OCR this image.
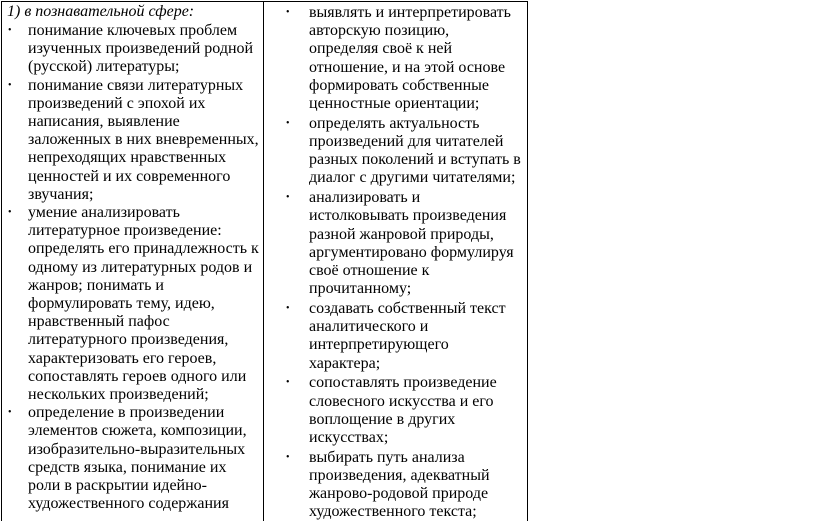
1) в познавательной сфере:
• понимание ключевых проблем
изученных произведений родной
(русской) литературы;
• понимание связи литературных
произведений с эпохой их
написания, выявление
заложенных в них вневременных,
непреходящих нравственных
ценностей и их современного
звучания;
• умение анализировать
литературное произведение:
определять его принадлежность к
одному из литературных родов и
жанров; понимать и
формулировать тему, идею,
нравственный пафос
литературного произведения,
характеризовать его героев,
сопоставлять героев одного или
нескольких произведений;
• определение в произведении
элементов сюжета, композиции,
изобразительно-выразительных
средств языка, понимание их
роли в раскрытии идейно-
художественного содержания
• выявлять и интерпретировать
авторскую позицию,
определяя своё к ней
отношение, и на этой основе
формировать собственные
ценностные ориентации;
• определять актуальность
произведений для читателей
разных поколений и вступать в
диалог с другими читателями;
• анализировать и
истолковывать произведения
разной жанровой природы,
аргументировано формулируя
своё отношение к
прочитанному;
• создавать собственный текст
аналитического и
интерпретирующего
характера;
• сопоставлять произведение
словесного искусства и его
воплощение в других
искусствах;
• выбирать путь анализа
произведения, адекватный
жанрово-родовой природе
художественного текста;
